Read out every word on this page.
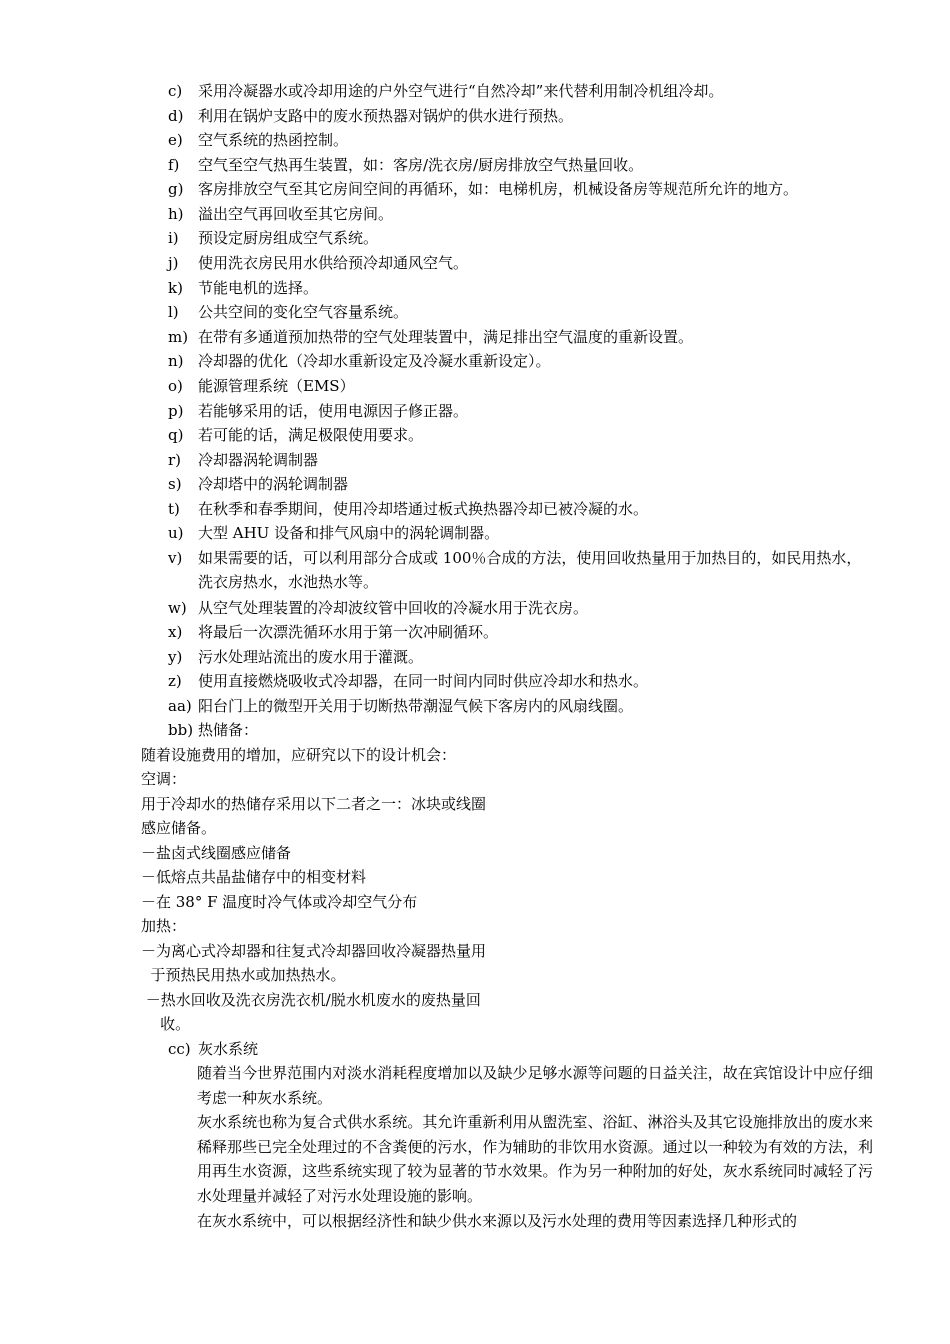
c)	采用冷凝器水或冷却用途的户外空气进行“自然冷却”来代替利用制冷机组冷却。
d) 利用在锅炉支路中的废水预热器对锅炉的供水进行预热。
e)	空气系统的热函控制。
f)	空气至空气热再生装置，如：客房/洗衣房/厨房排放空气热量回收。
g) 客房排放空气至其它房间空间的再循环，如：电梯机房，机械设备房等规范所允许的地方。
h) 溢出空气再回收至其它房间。
i)	预设定厨房组成空气系统。
j)	使用洗衣房民用水供给预冷却通风空气。
k)	节能电机的选择。
l)	公共空间的变化空气容量系统。
m) 在带有多通道预加热带的空气处理装置中，满足排出空气温度的重新设置。
n) 冷却器的优化（冷却水重新设定及冷凝水重新设定）。
o)	能源管理系统（EMS）
p) 若能够采用的话，使用电源因子修正器。
q) 若可能的话，满足极限使用要求。
r)	冷却器涡轮调制器
s)	冷却塔中的涡轮调制器
t)	在秋季和春季期间，使用冷却塔通过板式换热器冷却已被冷凝的水。
u) 大型 AHU 设备和排气风扇中的涡轮调制器。
v)	如果需要的话，可以利用部分合成或 100％合成的方法，使用回收热量用于加热目的，如民用热水，洗衣房热水，水池热水等。
w) 从空气处理装置的冷却波纹管中回收的冷凝水用于洗衣房。
x)	将最后一次漂洗循环水用于第一次冲刷循环。
y)	污水处理站流出的废水用于灌溉。
z)	使用直接燃烧吸收式冷却器，在同一时间内同时供应冷却水和热水。
aa) 阳台门上的微型开关用于切断热带潮湿气候下客房内的风扇线圈。
bb) 热储备：
随着设施费用的增加，应研究以下的设计机会：
空调：
用于冷却水的热储存采用以下二者之一：冰块或线圈
感应储备。
－盐卤式线圈感应储备
－低熔点共晶盐储存中的相变材料
－在 38° F 温度时冷气体或冷却空气分布
加热：
－为离心式冷却器和往复式冷却器回收冷凝器热量用
于预热民用热水或加热热水。
－热水回收及洗衣房洗衣机/脱水机废水的废热量回
收。
cc) 灰水系统

随着当今世界范围内对淡水消耗程度增加以及缺少足够水源等问题的日益关注，故在宾馆设计中应仔细考虑一种灰水系统。

灰水系统也称为复合式供水系统。其允许重新利用从盥洗室、浴缸、淋浴头及其它设施排放出的废水来稀释那些已完全处理过的不含粪便的污水，作为辅助的非饮用水资源。通过以一种较为有效的方法，利用再生水资源，这些系统实现了较为显著的节水效果。作为另一种附加的好处，灰水系统同时减轻了污水处理量并减轻了对污水处理设施的影响。

在灰水系统中，可以根据经济性和缺少供水来源以及污水处理的费用等因素选择几种形式的
